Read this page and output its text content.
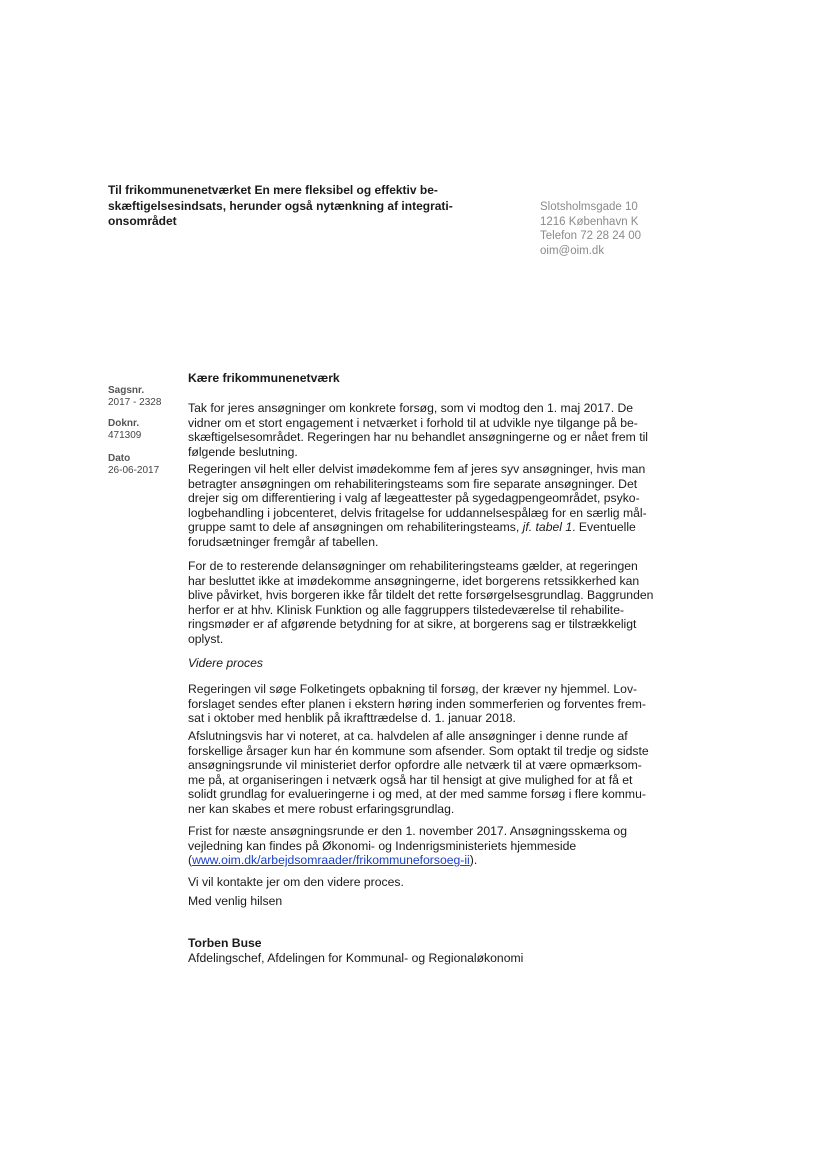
Til frikommunenetværket En mere fleksibel og effektiv be-
skæftigelsesindsats, herunder også nytænkning af integrati-
onsområdet
Slotsholmsgade 10
1216 København K
Telefon 72 28 24 00
oim@oim.dk
Sagsnr.
2017 - 2328
Doknr.
471309
Dato
26-06-2017
Kære frikommunenetværk
Tak for jeres ansøgninger om konkrete forsøg, som vi modtog den 1. maj 2017. De
vidner om et stort engagement i netværket i forhold til at udvikle nye tilgange på be-
skæftigelsesområdet. Regeringen har nu behandlet ansøgningerne og er nået frem til
følgende beslutning.
Regeringen vil helt eller delvist imødekomme fem af jeres syv ansøgninger, hvis man
betragter ansøgningen om rehabiliteringsteams som fire separate ansøgninger. Det
drejer sig om differentiering i valg af lægeattester på sygedagpengeområdet, psyko-
logbehandling i jobcenteret, delvis fritagelse for uddannelsespålæg for en særlig mål-
gruppe samt to dele af ansøgningen om rehabiliteringsteams, jf. tabel 1. Eventuelle
forudsætninger fremgår af tabellen.
For de to resterende delansøgninger om rehabiliteringsteams gælder, at regeringen
har besluttet ikke at imødekomme ansøgningerne, idet borgerens retssikkerhed kan
blive påvirket, hvis borgeren ikke får tildelt det rette forsørgelsesgrundlag. Baggrunden
herfor er at hhv. Klinisk Funktion og alle faggruppers tilstedeværelse til rehabilite-
ringsmøder er af afgørende betydning for at sikre, at borgerens sag er tilstrækkeligt
oplyst.
Videre proces
Regeringen vil søge Folketingets opbakning til forsøg, der kræver ny hjemmel. Lov-
forslaget sendes efter planen i ekstern høring inden sommerferien og forventes frem-
sat i oktober med henblik på ikrafttrædelse d. 1. januar 2018.
Afslutningsvis har vi noteret, at ca. halvdelen af alle ansøgninger i denne runde af
forskellige årsager kun har én kommune som afsender. Som optakt til tredje og sidste
ansøgningsrunde vil ministeriet derfor opfordre alle netværk til at være opmærksom-
me på, at organiseringen i netværk også har til hensigt at give mulighed for at få et
solidt grundlag for evalueringerne i og med, at der med samme forsøg i flere kommu-
ner kan skabes et mere robust erfaringsgrundlag.
Frist for næste ansøgningsrunde er den 1. november 2017. Ansøgningsskema og
vejledning kan findes på Økonomi- og Indenrigsministeriets hjemmeside
(www.oim.dk/arbejdsomraader/frikommuneforsoeg-ii).
Vi vil kontakte jer om den videre proces.
Med venlig hilsen
Torben Buse
Afdelingschef, Afdelingen for Kommunal- og Regionaløkonomi
